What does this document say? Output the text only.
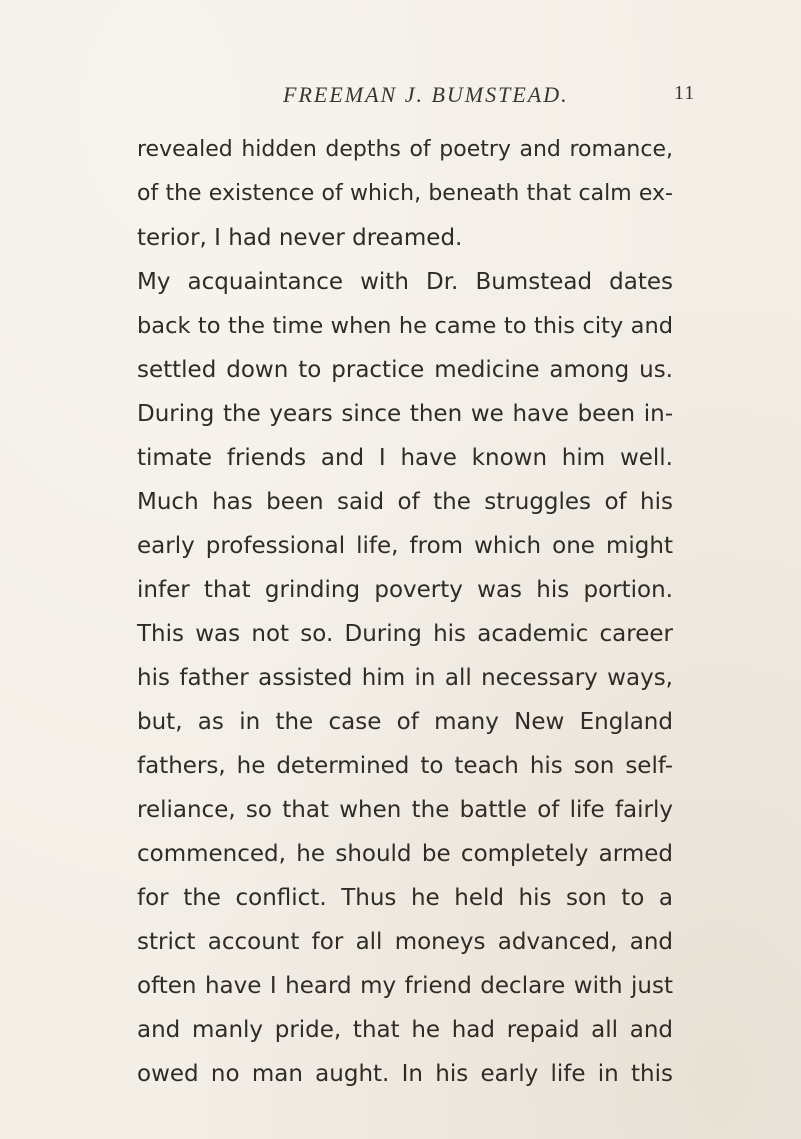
FREEMAN J. BUMSTEAD.	11
revealed hidden depths of poetry and romance,
of the existence of which, beneath that calm ex-
terior, I had never dreamed.
My acquaintance with Dr. Bumstead dates
back to the time when he came to this city and
settled down to practice medicine among us.
During the years since then we have been in-
timate friends and I have known him well.
Much has been said of the struggles of his
early professional life, from which one might
infer that grinding poverty was his portion.
This was not so. During his academic career
his father assisted him in all necessary ways,
but, as in the case of many New England
fathers, he determined to teach his son self-
reliance, so that when the battle of life fairly
commenced, he should be completely armed
for the conflict. Thus he held his son to a
strict account for all moneys advanced, and
often have I heard my friend declare with just
and manly pride, that he had repaid all and
owed no man aught. In his early life in this
